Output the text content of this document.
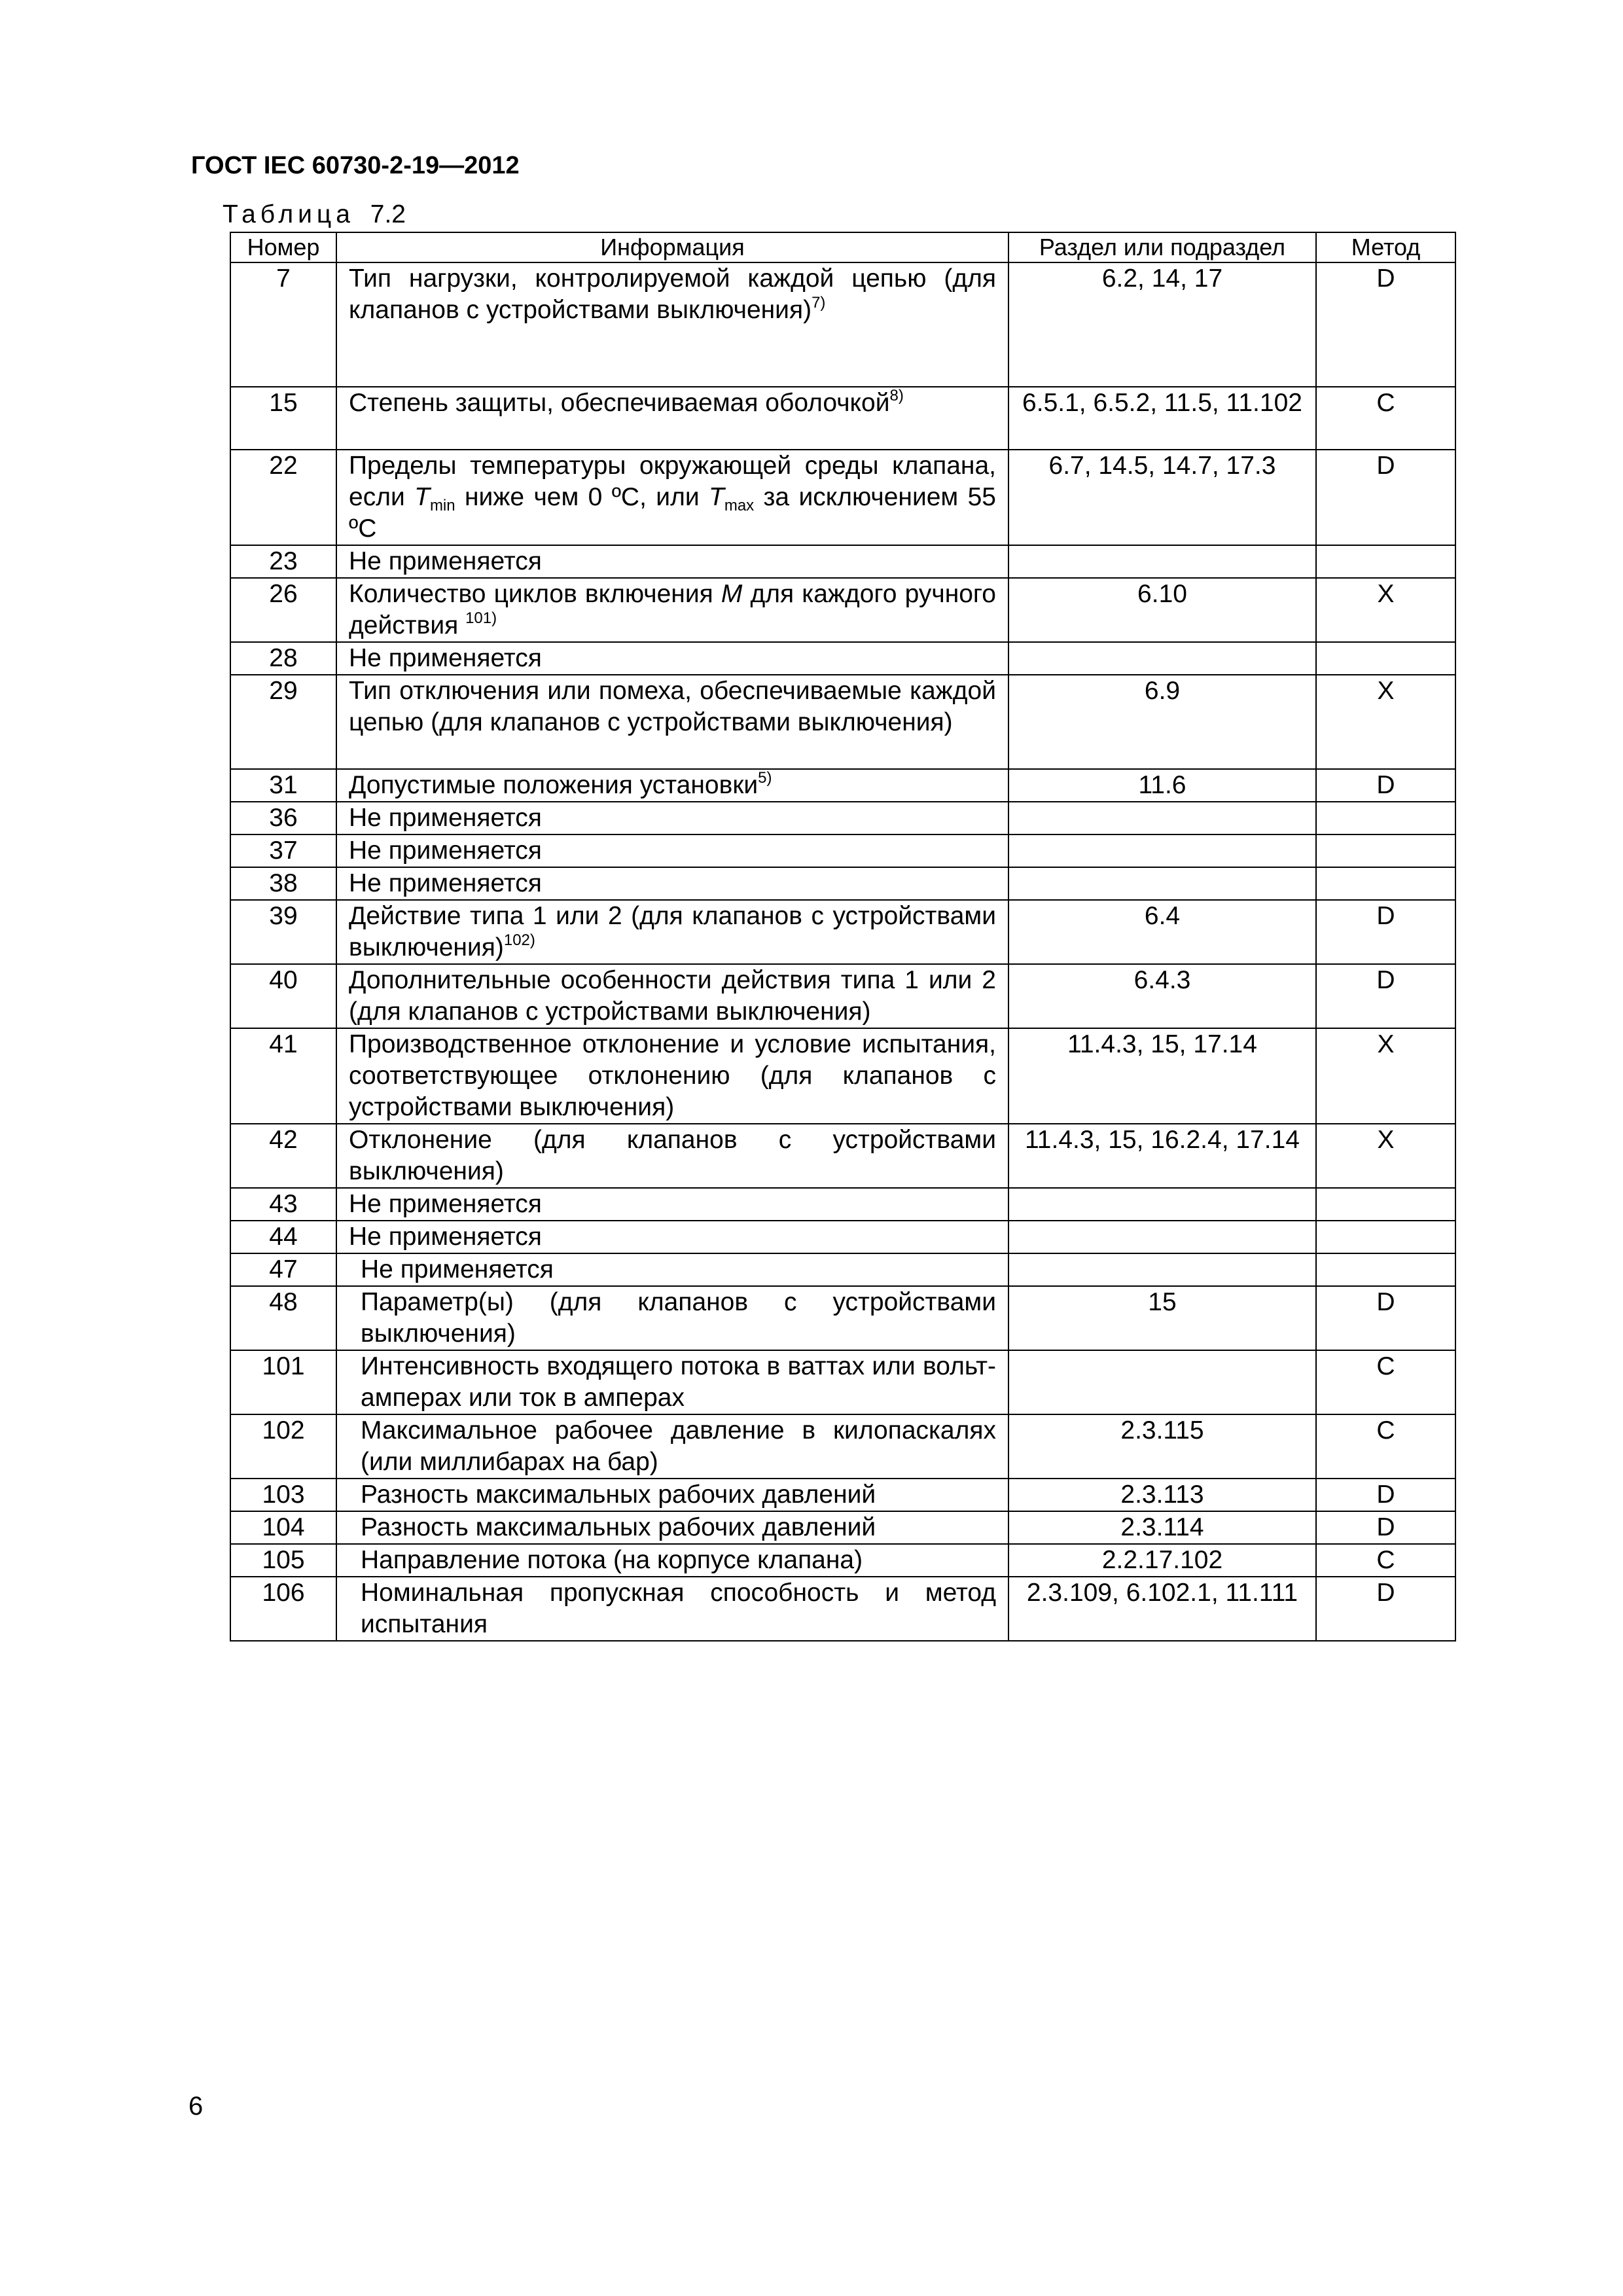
ГОСТ IEC 60730-2-19—2012
Таблица 7.2
Номер	Информация	Раздел или подраздел	Метод
7	Тип нагрузки, контролируемой каждой цепью (для клапанов с устройствами выключения)$^{7)}$	6.2, 14, 17	D
15	Степень защиты, обеспечиваемая оболочкой$^{8)}$	6.5.1, 6.5.2, 11.5, 11.102	C
22	Пределы температуры окружающей среды клапана, если $T_{min}$ ниже чем 0 ºC, или $T_{max}$ за исключением 55 ºC	6.7, 14.5, 14.7, 17.3	D
23	Не применяется		
26	Количество циклов включения M для каждого ручного действия $^{101)}$	6.10	X
28	Не применяется		
29	Тип отключения или помеха, обеспечиваемые каждой цепью (для клапанов с устройствами выключения)	6.9	X
31	Допустимые положения установки$^{5)}$	11.6	D
36	Не применяется		
37	Не применяется		
38	Не применяется		
39	Действие типа 1 или 2 (для клапанов с устройствами выключения)$^{102)}$	6.4	D
40	Дополнительные особенности действия типа 1 или 2 (для клапанов с устройствами выключения)	6.4.3	D
41	Производственное отклонение и условие испытания, соответствующее отклонению (для клапанов с устройствами выключения)	11.4.3, 15, 17.14	X
42	Отклонение (для клапанов с устройствами выключения)	11.4.3, 15, 16.2.4, 17.14	X
43	Не применяется		
44	Не применяется		
47	Не применяется		
48	Параметр(ы) (для клапанов с устройствами выключения)	15	D
101	Интенсивность входящего потока в ваттах или вольт-амперах или ток в амперах		C
102	Максимальное рабочее давление в килопаскалях (или миллибарах на бар)	2.3.115	C
103	Разность максимальных рабочих давлений	2.3.113	D
104	Разность максимальных рабочих давлений	2.3.114	D
105	Направление потока (на корпусе клапана)	2.2.17.102	C
106	Номинальная пропускная способность и метод испытания	2.3.109, 6.102.1, 11.111	D
6
